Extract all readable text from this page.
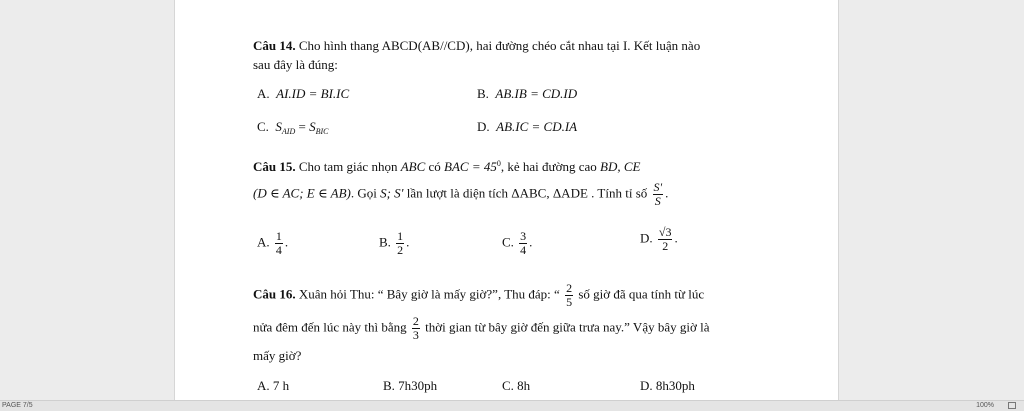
Câu 14. Cho hình thang ABCD(AB//CD), hai đường chéo cắt nhau tại I. Kết luận nào
sau đây là đúng:
A. AI.ID = BI.IC	B. AB.IB = CD.ID
C. $S_{AID} = S_{BIC}$	D. AB.IC = CD.IA
Câu 15. Cho tam giác nhọn ABC có BAC = $45^0$, kẻ hai đường cao BD, CE
(D ∈ AC; E ∈ AB). Gọi S; S' lần lượt là diện tích ΔABC, ΔADE . Tính tỉ số $\frac{S'}{S}$ .
A. $\frac{1}{4}$ .	B. $\frac{1}{2}$ .	C. $\frac{3}{4}$ .	D. $\frac{√3}{2}$ .
Câu 16. Xuân hỏi Thu: “ Bây giờ là mấy giờ?”, Thu đáp: “ $\frac{2}{5}$ số giờ đã qua tính từ lúc
nửa đêm đến lúc này thì bằng $\frac{2}{3}$ thời gian từ bây giờ đến giữa trưa nay.” Vậy bây giờ là
mấy giờ?
A. 7 h	B. 7h30ph	C. 8h	D. 8h30ph
PAGE 7/5	100%
